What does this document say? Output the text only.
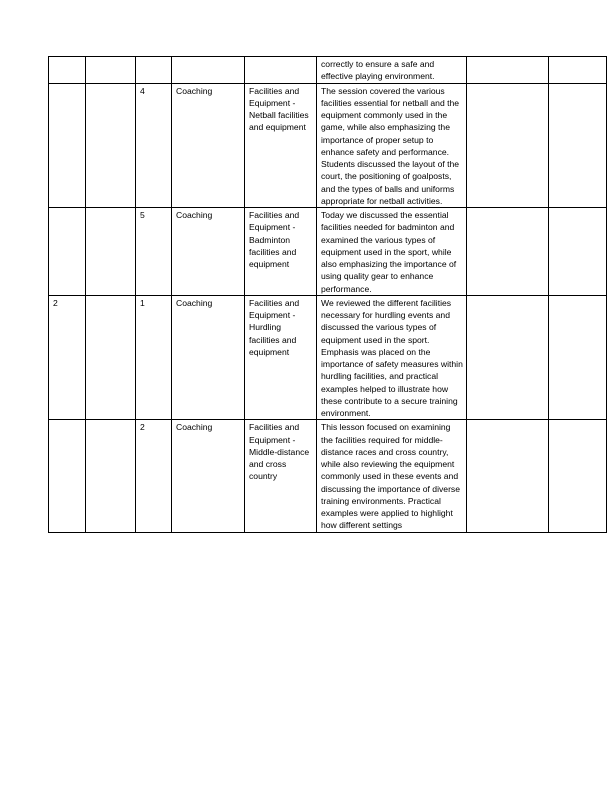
					correctly to ensure a safe and effective playing environment.		
		4	Coaching	Facilities and Equipment - Netball facilities and equipment	The session covered the various facilities essential for netball and the equipment commonly used in the game, while also emphasizing the importance of proper setup to enhance safety and performance. Students discussed the layout of the court, the positioning of goalposts, and the types of balls and uniforms appropriate for netball activities.		
		5	Coaching	Facilities and Equipment - Badminton facilities and equipment	Today we discussed the essential facilities needed for badminton and examined the various types of equipment used in the sport, while also emphasizing the importance of using quality gear to enhance performance.		
2		1	Coaching	Facilities and Equipment - Hurdling facilities and equipment	We reviewed the different facilities necessary for hurdling events and discussed the various types of equipment used in the sport. Emphasis was placed on the importance of safety measures within hurdling facilities, and practical examples helped to illustrate how these contribute to a secure training environment.		
		2	Coaching	Facilities and Equipment - Middle-distance and cross country	This lesson focused on examining the facilities required for middle-distance races and cross country, while also reviewing the equipment commonly used in these events and discussing the importance of diverse training environments. Practical examples were applied to highlight how different settings		
